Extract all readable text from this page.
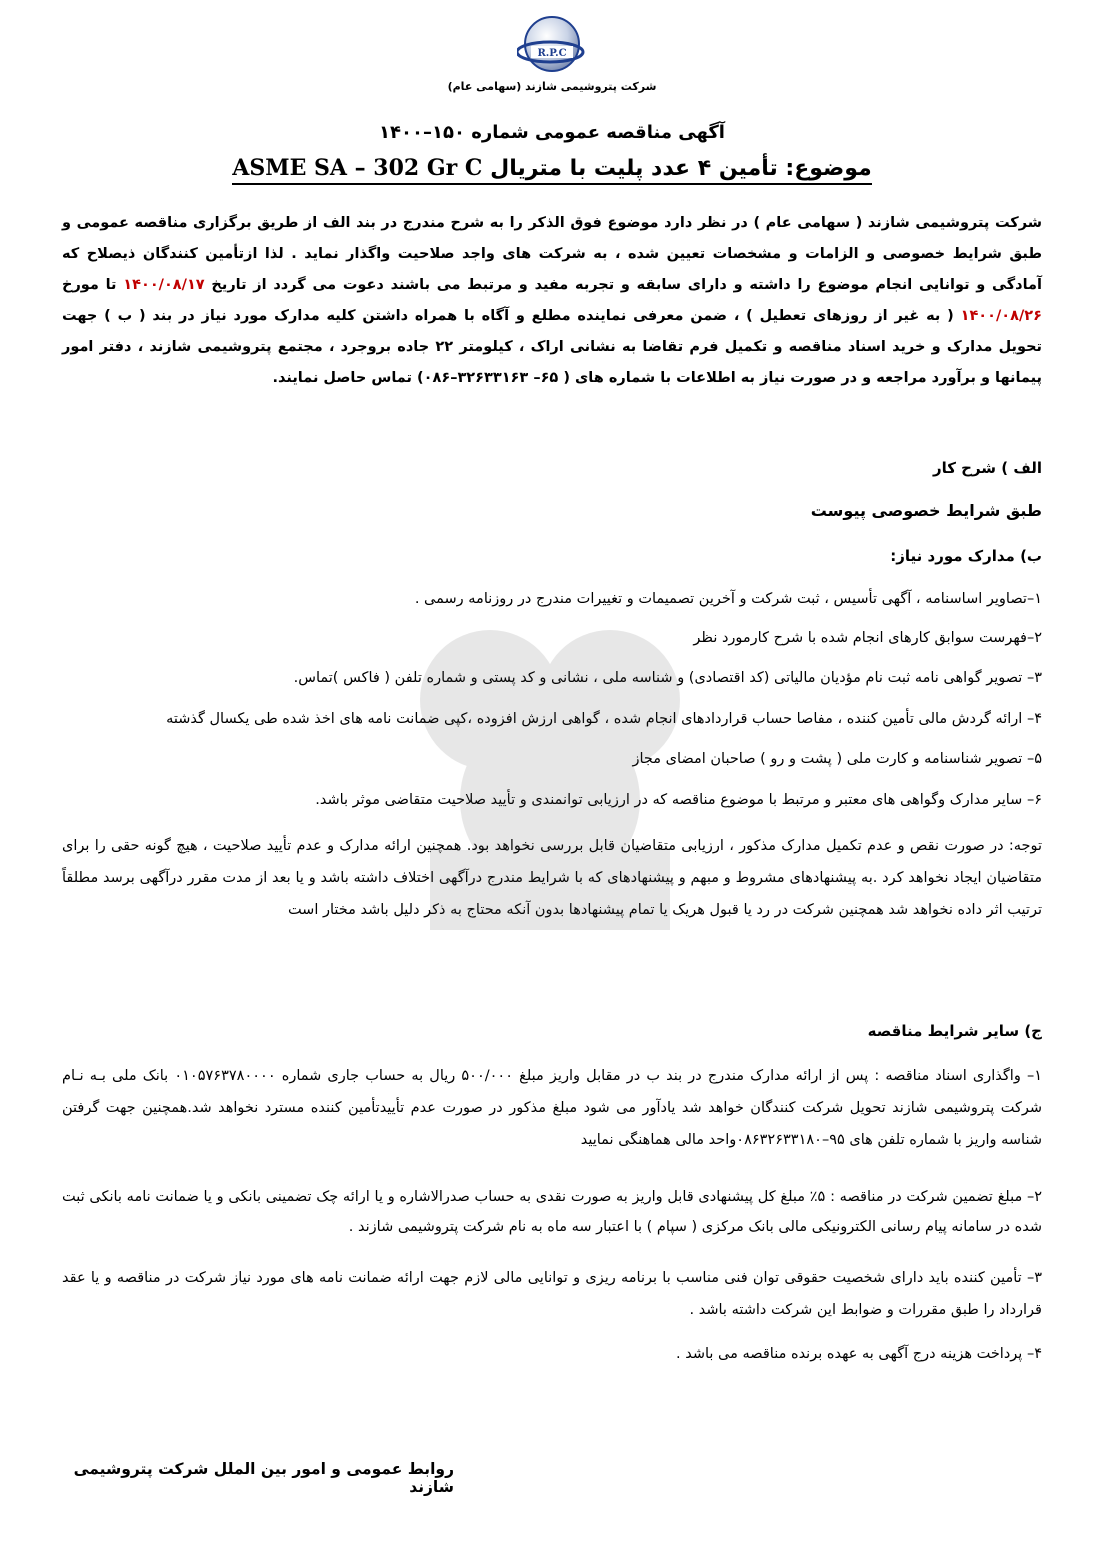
R.P.C
شرکت پتروشیمی شازند (سهامی عام)
آگهی مناقصه عمومی شماره ۱۵۰–۱۴۰۰
موضوع: تأمین ۴ عدد پلیت با متریال ASME SA – 302 Gr C
شرکت پتروشیمی شازند ( سهامی عام ) در نظر دارد موضوع فوق الذکر را به شرح مندرج در بند الف از طریق برگزاری مناقصه عمومی و طبق شرایط خصوصی و الزامات و مشخصات تعیین شده ، به شرکت های واجد صلاحیت واگذار نماید . لذا ازتأمین کنندگان ذیصلاح که آمادگی و توانایی انجام موضوع را داشته و دارای سابقه و تجربه مفید و مرتبط می باشند دعوت می گردد از تاریخ ۱۴۰۰/۰۸/۱۷ تا مورخ ۱۴۰۰/۰۸/۲۶ ( به غیر از روزهای تعطیل ) ، ضمن معرفی نماینده مطلع و آگاه با همراه داشتن کلیه مدارک مورد نیاز در بند ( ب ) جهت تحویل مدارک و خرید اسناد مناقصه و تکمیل فرم تقاضا به نشانی اراک ، کیلومتر ۲۲ جاده بروجرد ، مجتمع پتروشیمی شازند ، دفتر امور پیمانها و برآورد مراجعه و در صورت نیاز به اطلاعات با شماره های ( ۶۵– ۳۲۶۳۳۱۶۳–۰۸۶) تماس حاصل نمایند.
الف ) شرح کار
طبق شرایط خصوصی پیوست
ب) مدارک مورد نیاز:
۱–تصاویر اساسنامه ، آگهی تأسیس ، ثبت شرکت و آخرین تصمیمات و تغییرات مندرج در روزنامه رسمی .
۲–فهرست سوابق کارهای انجام شده با شرح کارمورد نظر
۳– تصویر گواهی نامه ثبت نام مؤدیان مالیاتی (کد اقتصادی) و شناسه ملی ، نشانی و کد پستی و شماره تلفن ( فاکس )تماس.
۴– ارائه گردش مالی تأمین کننده ، مفاصا حساب قراردادهای انجام شده ، گواهی ارزش افزوده ،کپی ضمانت نامه های اخذ شده طی یکسال گذشته
۵– تصویر شناسنامه و کارت ملی ( پشت و رو ) صاحبان امضای مجاز
۶– سایر مدارک وگواهی های معتبر و مرتبط با موضوع مناقصه که در ارزیابی توانمندی و تأیید صلاحیت متقاضی موثر باشد.
توجه: در صورت نقص و عدم تکمیل مدارک مذکور ، ارزیابی متقاضیان قابل بررسی نخواهد بود. همچنین ارائه مدارک و عدم تأیید صلاحیت ، هیچ گونه حقی را برای متقاضیان ایجاد نخواهد کرد .به پیشنهادهای مشروط و مبهم و پیشنهادهای که با شرایط مندرج درآگهی اختلاف داشته باشد و یا بعد از مدت مقرر درآگهی برسد مطلقاً ترتیب اثر داده نخواهد شد همچنین شرکت در رد یا قبول هریک یا تمام پیشنهادها بدون آنکه محتاج به ذکر دلیل باشد مختار است
ج) سایر شرایط مناقصه
۱– واگذاری اسناد مناقصه : پس از ارائه مدارک مندرج در بند ب در مقابل واریز مبلغ ۵۰۰/۰۰۰ ریال به حساب جاری شماره ۰۱۰۵۷۶۳۷۸۰۰۰۰ بانک ملی بـه نـام شرکت پتروشیمی شازند تحویل شرکت کنندگان خواهد شد یادآور می شود مبلغ مذکور در صورت عدم تأییدتأمین کننده مسترد نخواهد شد.همچنین جهت گرفتن شناسه واریز با شماره تلفن های ۹۵–۰۸۶۳۲۶۳۳۱۸۰واحد مالی هماهنگی نمایید
۲– مبلغ تضمین شرکت در مناقصه : ۵٪ مبلغ کل پیشنهادی قابل واریز به صورت نقدی به حساب صدرالاشاره و یا ارائه چک تضمینی بانکی و یا ضمانت نامه بانکی ثبت شده در سامانه پیام رسانی الکترونیکی مالی بانک مرکزی ( سپام ) با اعتبار سه ماه به نام شرکت پتروشیمی شازند .
۳– تأمین کننده باید دارای شخصیت حقوقی توان فنی مناسب با برنامه ریزی و توانایی مالی لازم جهت ارائه ضمانت نامه های مورد نیاز شرکت در مناقصه و یا عقد قرارداد را طبق مقررات و ضوابط این شرکت داشته باشد .
۴– پرداخت هزینه درج آگهی به عهده برنده مناقصه می باشد .
روابط عمومی و امور بین الملل شرکت پتروشیمی شازند
